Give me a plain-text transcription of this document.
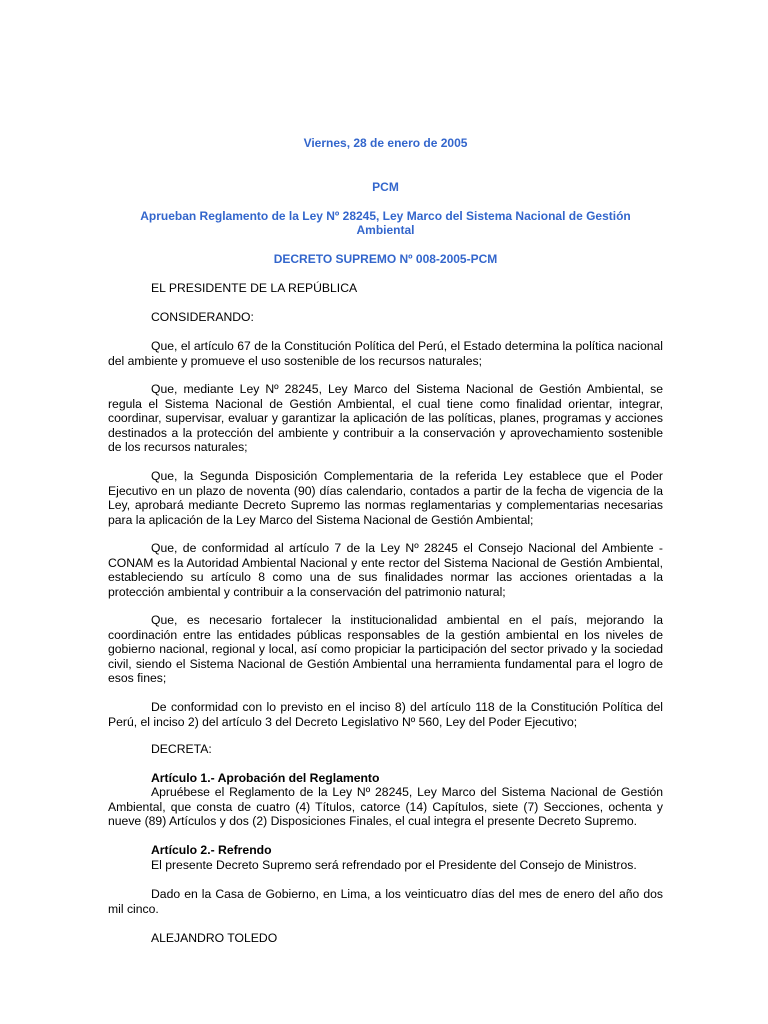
Viernes, 28 de enero de 2005
PCM
Aprueban Reglamento de la Ley Nº 28245, Ley Marco del Sistema Nacional de Gestión Ambiental
DECRETO SUPREMO Nº 008-2005-PCM
EL PRESIDENTE DE LA REPÚBLICA
CONSIDERANDO:
Que, el artículo 67 de la Constitución Política del Perú, el Estado determina la política nacional del ambiente y promueve el uso sostenible de los recursos naturales;
Que, mediante Ley Nº 28245, Ley Marco del Sistema Nacional de Gestión Ambiental, se regula el Sistema Nacional de Gestión Ambiental, el cual tiene como finalidad orientar, integrar, coordinar, supervisar, evaluar y garantizar la aplicación de las políticas, planes, programas y acciones destinados a la protección del ambiente y contribuir a la conservación y aprovechamiento sostenible de los recursos naturales;
Que, la Segunda Disposición Complementaria de la referida Ley establece que el Poder Ejecutivo en un plazo de noventa (90) días calendario, contados a partir de la fecha de vigencia de la Ley, aprobará mediante Decreto Supremo las normas reglamentarias y complementarias necesarias para la aplicación de la Ley Marco del Sistema Nacional de Gestión Ambiental;
Que, de conformidad al artículo 7 de la Ley Nº 28245 el Consejo Nacional del Ambiente - CONAM es la Autoridad Ambiental Nacional y ente rector del Sistema Nacional de Gestión Ambiental, estableciendo su artículo 8 como una de sus finalidades normar las acciones orientadas a la protección ambiental y contribuir a la conservación del patrimonio natural;
Que, es necesario fortalecer la institucionalidad ambiental en el país, mejorando la coordinación entre las entidades públicas responsables de la gestión ambiental en los niveles de gobierno nacional, regional y local, así como propiciar la participación del sector privado y la sociedad civil, siendo el Sistema Nacional de Gestión Ambiental una herramienta fundamental para el logro de esos fines;
De conformidad con lo previsto en el inciso 8) del artículo 118 de la Constitución Política del Perú, el inciso 2) del artículo 3 del Decreto Legislativo Nº 560, Ley del Poder Ejecutivo;
DECRETA:
Artículo 1.- Aprobación del Reglamento
Apruébese el Reglamento de la Ley Nº 28245, Ley Marco del Sistema Nacional de Gestión Ambiental, que consta de cuatro (4) Títulos, catorce (14) Capítulos, siete (7) Secciones, ochenta y nueve (89) Artículos y dos (2) Disposiciones Finales, el cual integra el presente Decreto Supremo.
Artículo 2.- Refrendo
El presente Decreto Supremo será refrendado por el Presidente del Consejo de Ministros.
Dado en la Casa de Gobierno, en Lima, a los veinticuatro días del mes de enero del año dos mil cinco.
ALEJANDRO TOLEDO
